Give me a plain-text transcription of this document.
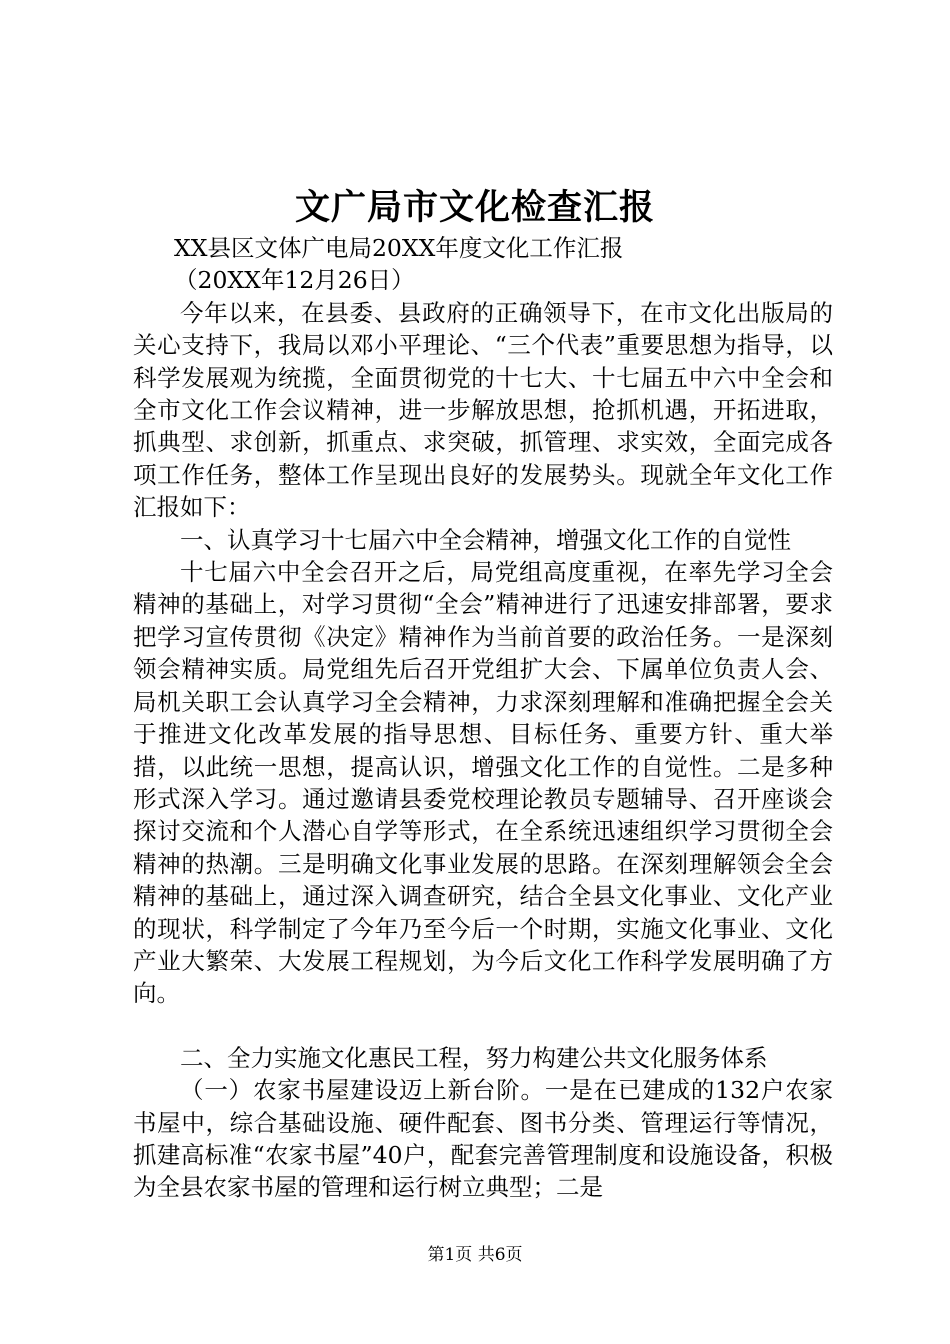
文广局市文化检查汇报

XX县区文体广电局20XX年度文化工作汇报

（20XX年12月26日）

今年以来，在县委、县政府的正确领导下，在市文化出版局的关心支持下，我局以邓小平理论、“三个代表”重要思想为指导，以科学发展观为统揽，全面贯彻党的十七大、十七届五中六中全会和全市文化工作会议精神，进一步解放思想，抢抓机遇，开拓进取，抓典型、求创新，抓重点、求突破，抓管理、求实效，全面完成各项工作任务，整体工作呈现出良好的发展势头。现就全年文化工作汇报如下：

一、认真学习十七届六中全会精神，增强文化工作的自觉性

十七届六中全会召开之后，局党组高度重视，在率先学习全会精神的基础上，对学习贯彻“全会”精神进行了迅速安排部署，要求把学习宣传贯彻《决定》精神作为当前首要的政治任务。一是深刻领会精神实质。局党组先后召开党组扩大会、下属单位负责人会、局机关职工会认真学习全会精神，力求深刻理解和准确把握全会关于推进文化改革发展的指导思想、目标任务、重要方针、重大举措，以此统一思想，提高认识，增强文化工作的自觉性。二是多种形式深入学习。通过邀请县委党校理论教员专题辅导、召开座谈会探讨交流和个人潜心自学等形式，在全系统迅速组织学习贯彻全会精神的热潮。三是明确文化事业发展的思路。在深刻理解领会全会精神的基础上，通过深入调查研究，结合全县文化事业、文化产业的现状，科学制定了今年乃至今后一个时期，实施文化事业、文化产业大繁荣、大发展工程规划，为今后文化工作科学发展明确了方向。

二、全力实施文化惠民工程，努力构建公共文化服务体系

（一）农家书屋建设迈上新台阶。一是在已建成的132户农家书屋中，综合基础设施、硬件配套、图书分类、管理运行等情况，抓建高标准“农家书屋”40户，配套完善管理制度和设施设备，积极为全县农家书屋的管理和运行树立典型；二是

第1页 共6页
